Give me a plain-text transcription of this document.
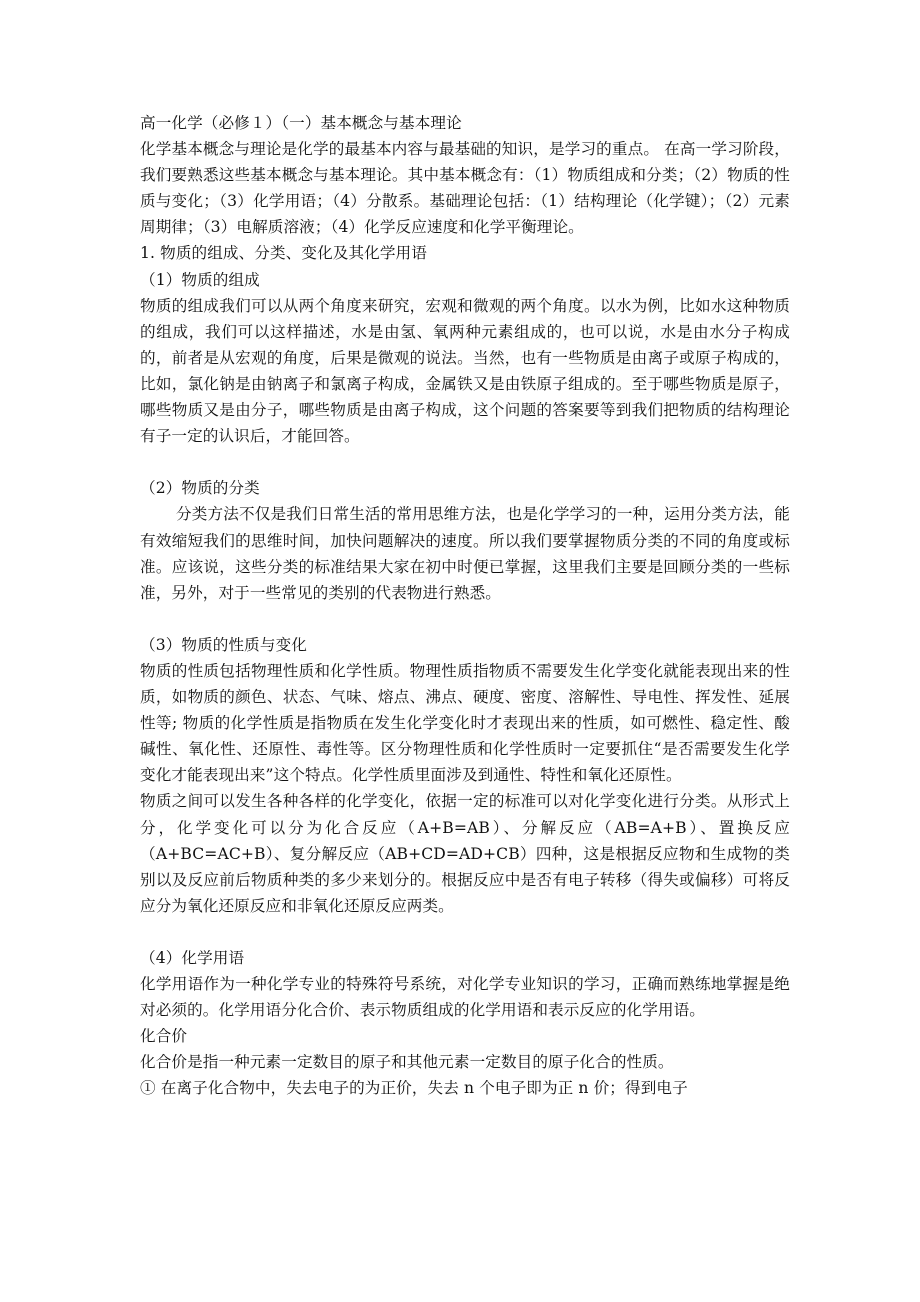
高一化学（必修１）（一）基本概念与基本理论

化学基本概念与理论是化学的最基本内容与最基础的知识，是学习的重点。 在高一学习阶段，我们要熟悉这些基本概念与基本理论。其中基本概念有：（1）物质组成和分类；（2）物质的性质与变化；（3）化学用语；（4）分散系。基础理论包括：（1）结构理论（化学键）；（2）元素周期律；（3）电解质溶液；（4）化学反应速度和化学平衡理论。

1. 物质的组成、分类、变化及其化学用语

（1）物质的组成

物质的组成我们可以从两个角度来研究，宏观和微观的两个角度。以水为例，比如水这种物质的组成，我们可以这样描述，水是由氢、氧两种元素组成的，也可以说，水是由水分子构成的，前者是从宏观的角度，后果是微观的说法。当然，也有一些物质是由离子或原子构成的，比如，氯化钠是由钠离子和氯离子构成，金属铁又是由铁原子组成的。至于哪些物质是原子，哪些物质又是由分子，哪些物质是由离子构成，这个问题的答案要等到我们把物质的结构理论有子一定的认识后，才能回答。

（2）物质的分类

分类方法不仅是我们日常生活的常用思维方法，也是化学学习的一种，运用分类方法，能有效缩短我们的思维时间，加快问题解决的速度。所以我们要掌握物质分类的不同的角度或标准。应该说，这些分类的标准结果大家在初中时便已掌握，这里我们主要是回顾分类的一些标准，另外，对于一些常见的类别的代表物进行熟悉。

（3）物质的性质与变化

物质的性质包括物理性质和化学性质。物理性质指物质不需要发生化学变化就能表现出来的性质，如物质的颜色、状态、气味、熔点、沸点、硬度、密度、溶解性、导电性、挥发性、延展性等; 物质的化学性质是指物质在发生化学变化时才表现出来的性质，如可燃性、稳定性、酸碱性、氧化性、还原性、毒性等。区分物理性质和化学性质时一定要抓住“是否需要发生化学变化才能表现出来”这个特点。化学性质里面涉及到通性、特性和氧化还原性。

物质之间可以发生各种各样的化学变化，依据一定的标准可以对化学变化进行分类。从形式上分，化学变化可以分为化合反应（A+B=AB）、分解反应（AB=A+B）、置换反应（A+BC=AC+B）、复分解反应（AB+CD=AD+CB）四种，这是根据反应物和生成物的类别以及反应前后物质种类的多少来划分的。根据反应中是否有电子转移（得失或偏移）可将反应分为氧化还原反应和非氧化还原反应两类。

（4）化学用语

化学用语作为一种化学专业的特殊符号系统，对化学专业知识的学习，正确而熟练地掌握是绝对必须的。化学用语分化合价、表示物质组成的化学用语和表示反应的化学用语。

化合价

化合价是指一种元素一定数目的原子和其他元素一定数目的原子化合的性质。

① 在离子化合物中，失去电子的为正价，失去 n 个电子即为正 n 价；得到电子
